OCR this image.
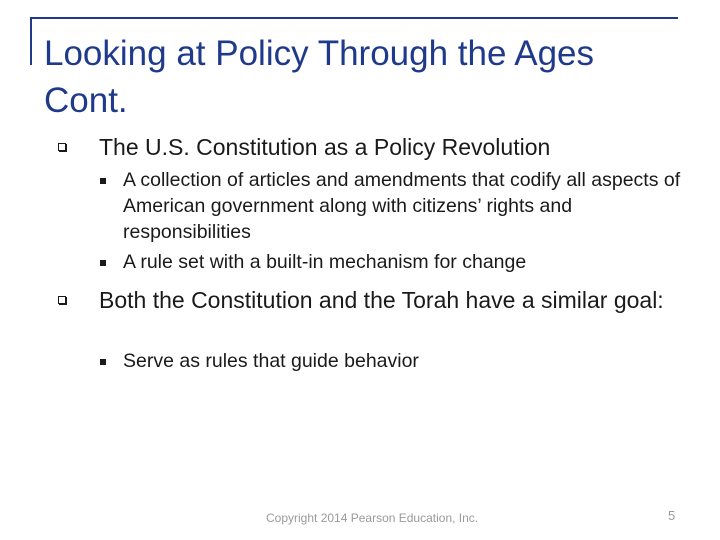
Looking at Policy Through the Ages Cont.
The U.S. Constitution as a Policy Revolution
A collection of articles and amendments that codify all aspects of American government along with citizens’ rights and responsibilities
A rule set with a built-in mechanism for change
Both the Constitution and the Torah have a similar goal:
Serve as rules that guide behavior
Copyright 2014 Pearson Education, Inc.	5
